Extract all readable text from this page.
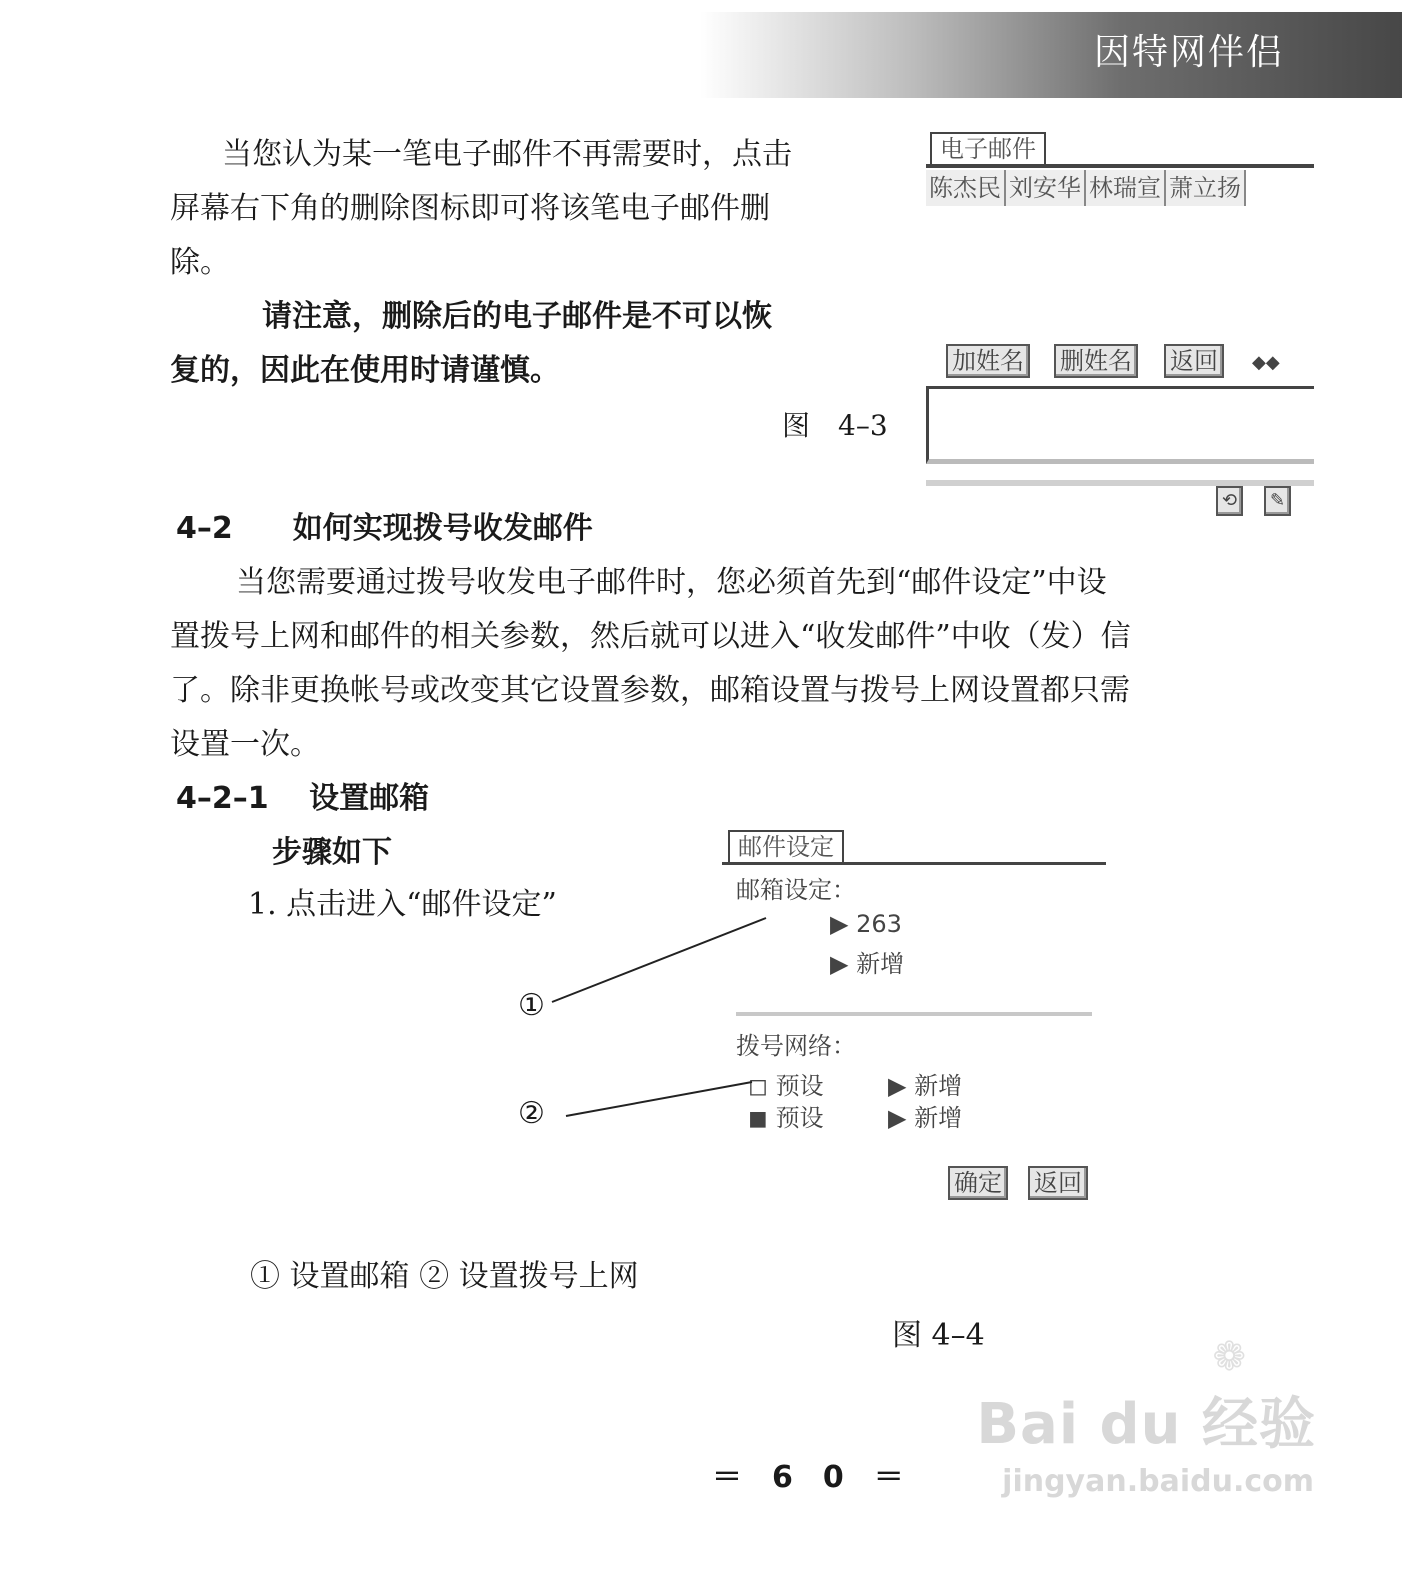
因特网伴侣
当您认为某一笔电子邮件不再需要时，点击
屏幕右下角的删除图标即可将该笔电子邮件删
除。
请注意，删除后的电子邮件是不可以恢
复的，因此在使用时请谨慎。
图　4–3
电子邮件
陈杰民 刘安华 林瑞宣 萧立扬
加姓名 删姓名 返回	◆◆
⟲	✎
4–2　　如何实现拨号收发邮件
当您需要通过拨号收发电子邮件时，您必须首先到“邮件设定”中设
置拨号上网和邮件的相关参数，然后就可以进入“收发邮件”中收（发）信
了。除非更换帐号或改变其它设置参数，邮箱设置与拨号上网设置都只需
设置一次。
4–2–1　 设置邮箱
步骤如下
1. 点击进入“邮件设定”
邮件设定
邮箱设定：
▶ 263
▶ 新增
拨号网络：
◻ 预设	▶ 新增
◼ 预设	▶ 新增
确定 返回
①
②
① 设置邮箱 ② 设置拨号上网
图 4–4	❁
Bai du 经验
jingyan.baidu.com
＝　6　0　＝
